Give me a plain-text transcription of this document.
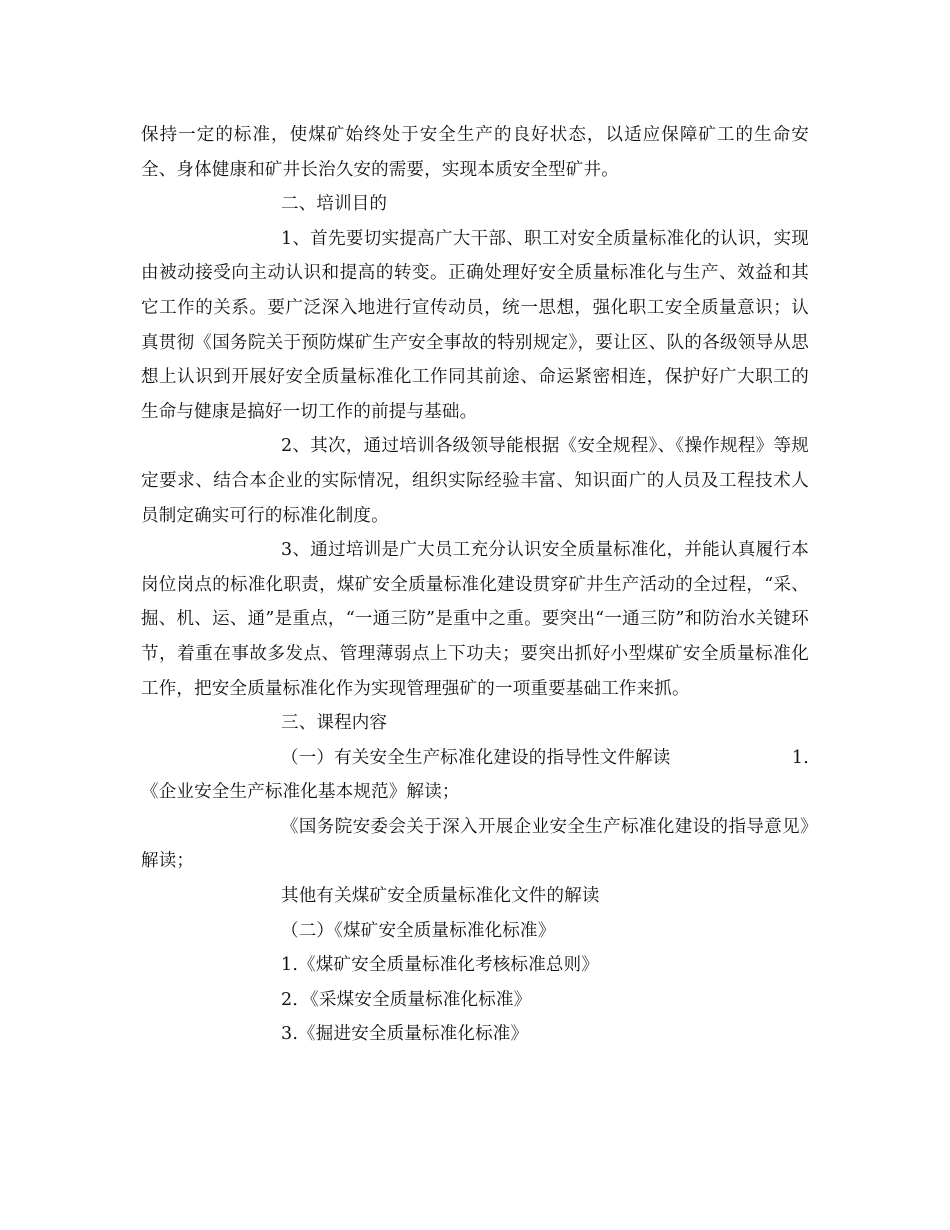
保持一定的标准，使煤矿始终处于安全生产的良好状态，以适应保障矿工的生命安全、身体健康和矿井长治久安的需要，实现本质安全型矿井。

二、培训目的

1、首先要切实提高广大干部、职工对安全质量标准化的认识，实现由被动接受向主动认识和提高的转变。正确处理好安全质量标准化与生产、效益和其它工作的关系。要广泛深入地进行宣传动员，统一思想，强化职工安全质量意识；认真贯彻《国务院关于预防煤矿生产安全事故的特别规定》，要让区、队的各级领导从思想上认识到开展好安全质量标准化工作同其前途、命运紧密相连，保护好广大职工的生命与健康是搞好一切工作的前提与基础。

2、其次，通过培训各级领导能根据《安全规程》、《操作规程》等规定要求、结合本企业的实际情况，组织实际经验丰富、知识面广的人员及工程技术人员制定确实可行的标准化制度。

3、通过培训是广大员工充分认识安全质量标准化，并能认真履行本岗位岗点的标准化职责，煤矿安全质量标准化建设贯穿矿井生产活动的全过程，“采、掘、机、运、通”是重点，“一通三防”是重中之重。要突出“一通三防”和防治水关键环节，着重在事故多发点、管理薄弱点上下功夫；要突出抓好小型煤矿安全质量标准化工作，把安全质量标准化作为实现管理强矿的一项重要基础工作来抓。

三、课程内容

（一）有关安全生产标准化建设的指导性文件解读	1.

《企业安全生产标准化基本规范》解读；

《国务院安委会关于深入开展企业安全生产标准化建设的指导意见》解读；

其他有关煤矿安全质量标准化文件的解读

（二）《煤矿安全质量标准化标准》

1.《煤矿安全质量标准化考核标准总则》

2．《采煤安全质量标准化标准》

3.《掘进安全质量标准化标准》
